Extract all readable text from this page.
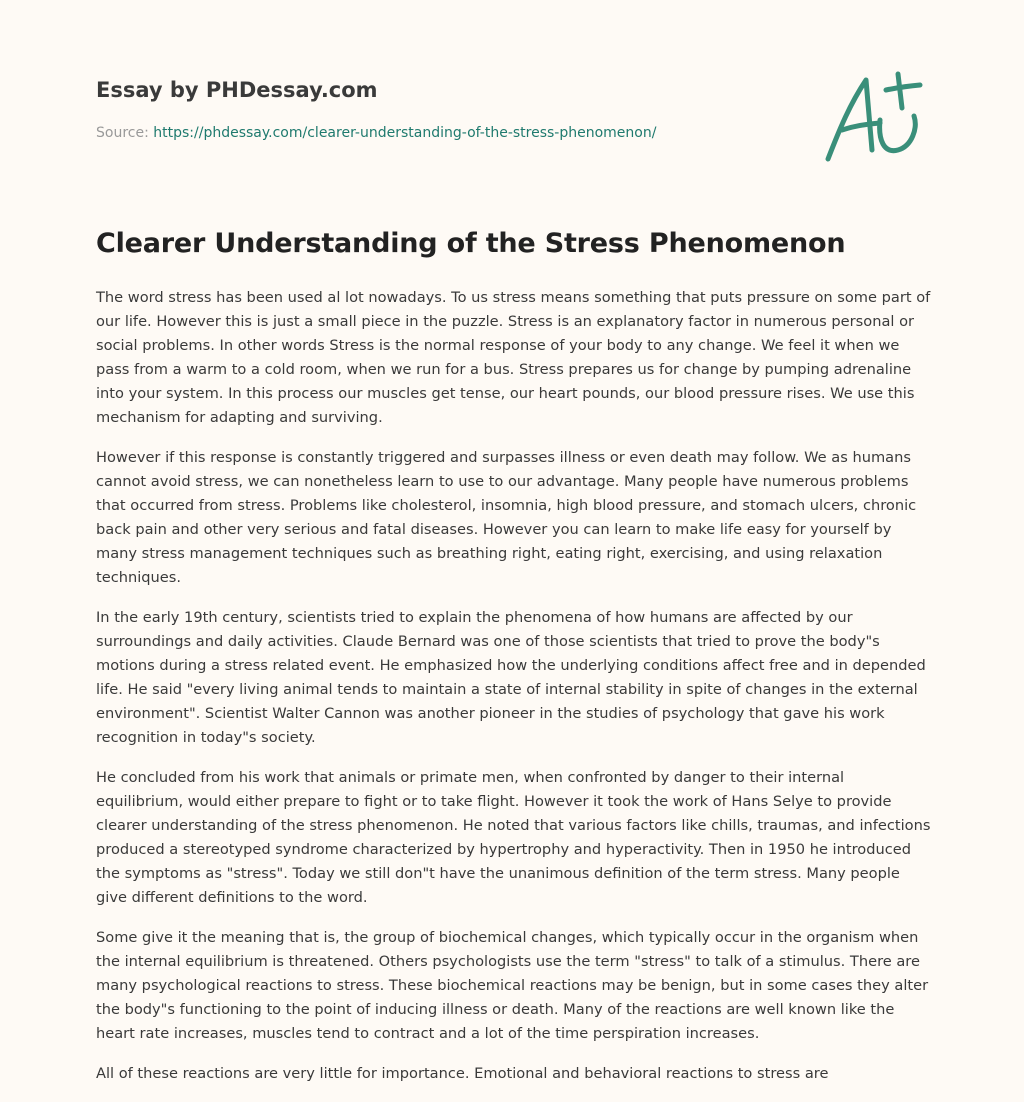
Essay by PHDessay.com
Source: https://phdessay.com/clearer-understanding-of-the-stress-phenomenon/
Clearer Understanding of the Stress Phenomenon

The word stress has been used al lot nowadays. To us stress means something that puts pressure on some part of our life. However this is just a small piece in the puzzle. Stress is an explanatory factor in numerous personal or social problems. In other words Stress is the normal response of your body to any change. We feel it when we pass from a warm to a cold room, when we run for a bus. Stress prepares us for change by pumping adrenaline into your system. In this process our muscles get tense, our heart pounds, our blood pressure rises. We use this mechanism for adapting and surviving.

However if this response is constantly triggered and surpasses illness or even death may follow. We as humans cannot avoid stress, we can nonetheless learn to use to our advantage. Many people have numerous problems that occurred from stress. Problems like cholesterol, insomnia, high blood pressure, and stomach ulcers, chronic back pain and other very serious and fatal diseases. However you can learn to make life easy for yourself by many stress management techniques such as breathing right, eating right, exercising, and using relaxation techniques.

In the early 19th century, scientists tried to explain the phenomena of how humans are affected by our surroundings and daily activities. Claude Bernard was one of those scientists that tried to prove the body"s motions during a stress related event. He emphasized how the underlying conditions affect free and in depended life. He said "every living animal tends to maintain a state of internal stability in spite of changes in the external environment". Scientist Walter Cannon was another pioneer in the studies of psychology that gave his work recognition in today"s society.

He concluded from his work that animals or primate men, when confronted by danger to their internal equilibrium, would either prepare to fight or to take flight. However it took the work of Hans Selye to provide clearer understanding of the stress phenomenon. He noted that various factors like chills, traumas, and infections produced a stereotyped syndrome characterized by hypertrophy and hyperactivity. Then in 1950 he introduced the symptoms as "stress". Today we still don"t have the unanimous definition of the term stress. Many people give different definitions to the word.

Some give it the meaning that is, the group of biochemical changes, which typically occur in the organism when the internal equilibrium is threatened. Others psychologists use the term "stress" to talk of a stimulus. There are many psychological reactions to stress. These biochemical reactions may be benign, but in some cases they alter the body"s functioning to the point of inducing illness or death. Many of the reactions are well known like the heart rate increases, muscles tend to contract and a lot of the time perspiration increases.

All of these reactions are very little for importance. Emotional and behavioral reactions to stress are
